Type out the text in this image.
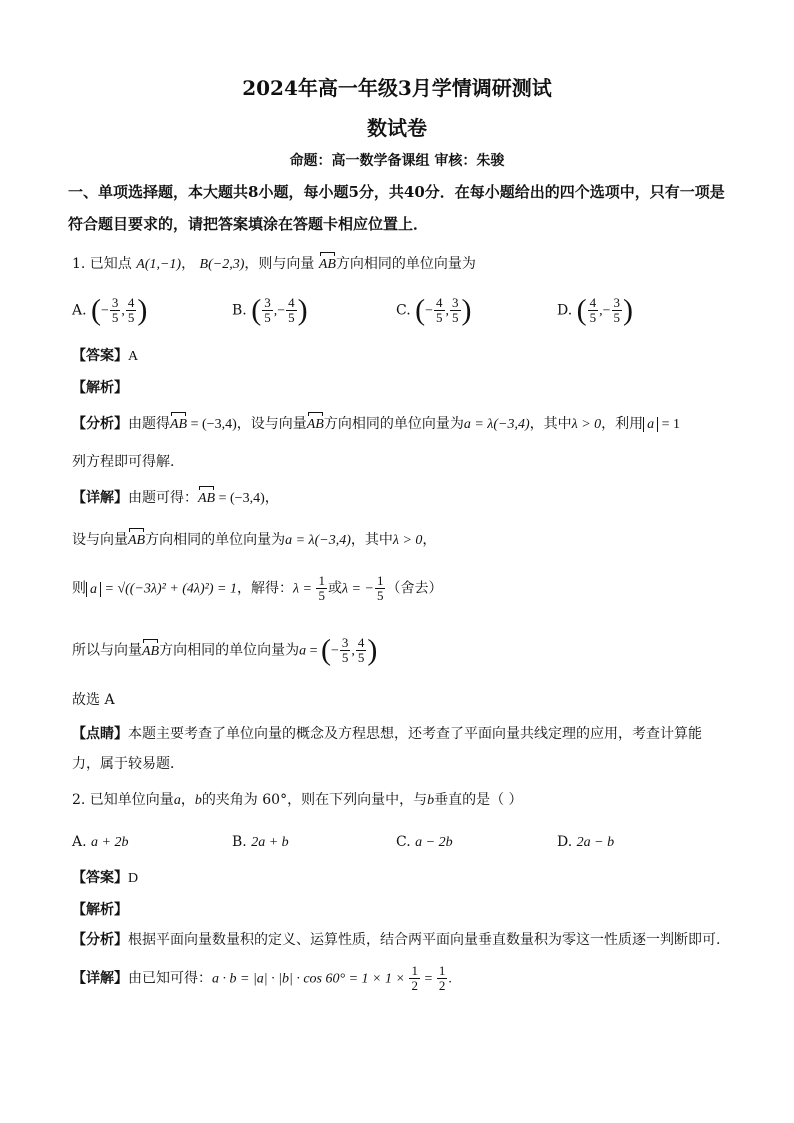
2024年高一年级3月学情调研测试
数试卷
命题：高一数学备课组 审核：朱骏
一、单项选择题，本大题共8小题，每小题5分，共40分．在每小题给出的四个选项中，只有一项是符合题目要求的，请把答案填涂在答题卡相应位置上．
1. 已知点 A(1,−1)， B(−2,3)，则与向量 AB方向相同的单位向量为
A. (− $\frac{3}{5}$ , $\frac{4}{5}$ )	B. ( $\frac{3}{5}$ ,− $\frac{4}{5}$ )	C. (− $\frac{4}{5}$ , $\frac{3}{5}$ )	D. ( $\frac{4}{5}$ ,− $\frac{3}{5}$ )
【答案】A
【解析】
【分析】由题得AB = (−3,4)，设与向量AB方向相同的单位向量为a = λ(−3,4)，其中λ > 0，利用 a = 1
列方程即可得解.
【详解】由题可得：AB = (−3,4)，
设与向量AB方向相同的单位向量为a = λ(−3,4)，其中λ > 0，
则 a = √((−3λ)² + (4λ)²) = 1，解得：$\lambda = \frac{1}{5}$ 或λ = − $\frac{1}{5}$ （舍去）
所以与向量AB方向相同的单位向量为a = (− $\frac{3}{5}$ , $\frac{4}{5}$ )
故选 A
【点睛】本题主要考查了单位向量的概念及方程思想，还考查了平面向量共线定理的应用，考查计算能
力，属于较易题．
2. 已知单位向量a，b的夹角为 60°，则在下列向量中，与b垂直的是（ ）
A. a + 2b	B. 2a + b	C. a − 2b	D. 2a − b
【答案】D
【解析】
【分析】根据平面向量数量积的定义、运算性质，结合两平面向量垂直数量积为零这一性质逐一判断即可.
【详解】由已知可得：$a \cdot b = |a| \cdot |b| \cdot \cos 60^\circ = 1 \times 1 \times \frac{1}{2} = \frac{1}{2}$ .
